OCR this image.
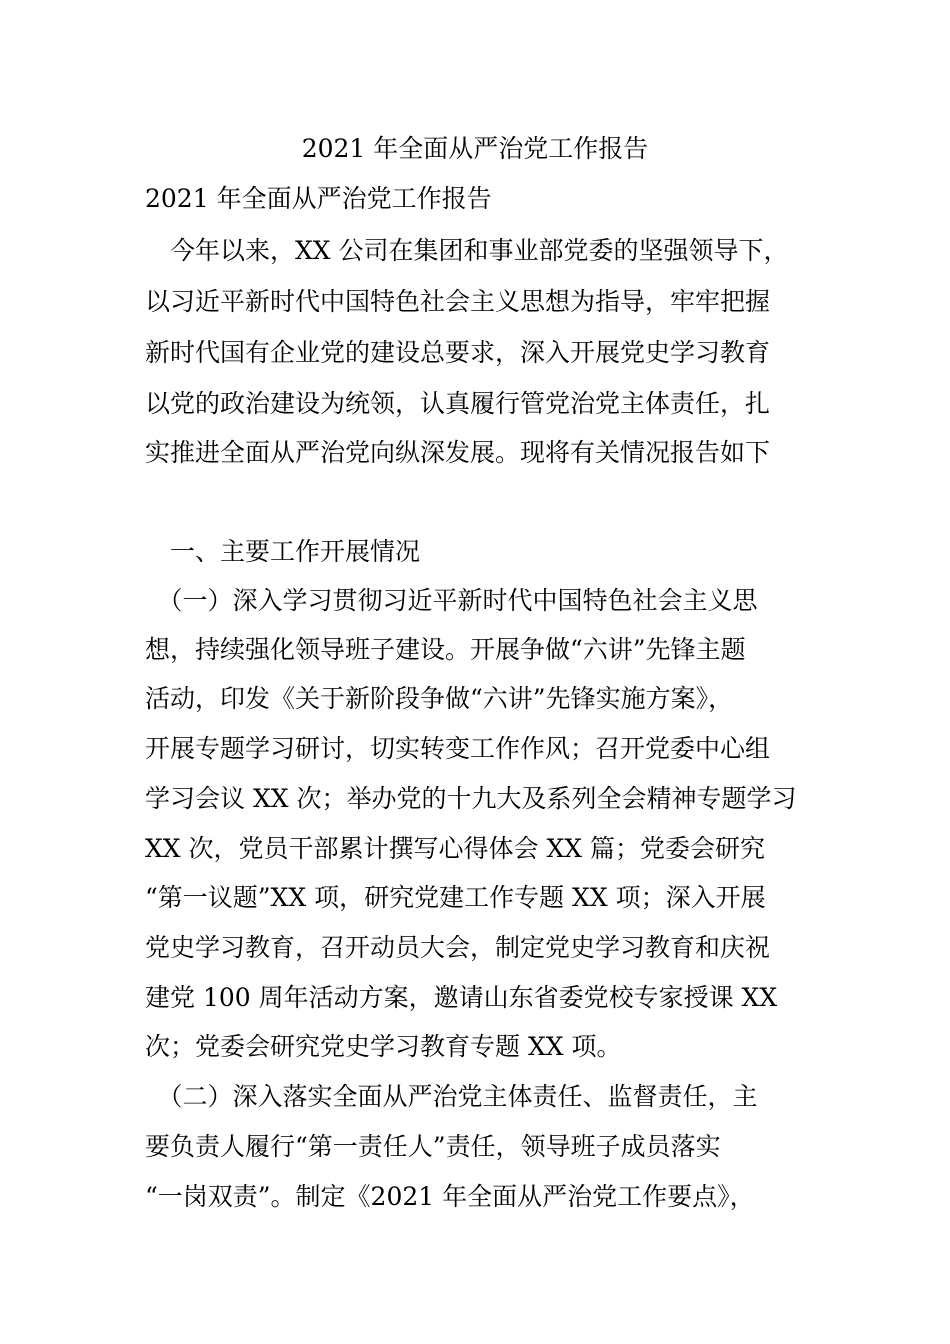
2021 年全面从严治党工作报告
2021 年全面从严治党工作报告
　今年以来，XX 公司在集团和事业部党委的坚强领导下，
以习近平新时代中国特色社会主义思想为指导，牢牢把握
新时代国有企业党的建设总要求，深入开展党史学习教育
以党的政治建设为统领，认真履行管党治党主体责任，扎
实推进全面从严治党向纵深发展。现将有关情况报告如下
　一、主要工作开展情况
　（一）深入学习贯彻习近平新时代中国特色社会主义思
想，持续强化领导班子建设。开展争做“六讲”先锋主题
活动，印发《关于新阶段争做“六讲”先锋实施方案》，
开展专题学习研讨，切实转变工作作风；召开党委中心组
学习会议 XX 次；举办党的十九大及系列全会精神专题学习
XX 次，党员干部累计撰写心得体会 XX 篇；党委会研究
“第一议题”XX 项，研究党建工作专题 XX 项；深入开展
党史学习教育，召开动员大会，制定党史学习教育和庆祝
建党 100 周年活动方案，邀请山东省委党校专家授课 XX
次；党委会研究党史学习教育专题 XX 项。
　（二）深入落实全面从严治党主体责任、监督责任，主
要负责人履行“第一责任人”责任，领导班子成员落实
“一岗双责”。制定《2021 年全面从严治党工作要点》，
